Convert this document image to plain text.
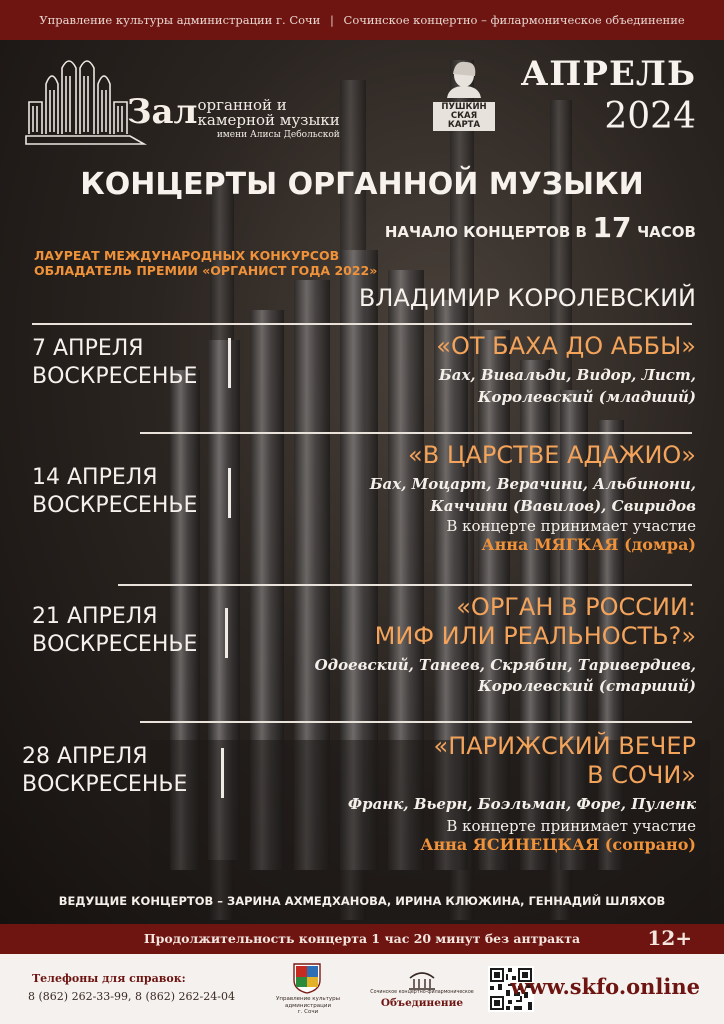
Управление культуры администрации г. Сочи | Сочинское концертно – филармоническое объединение
Залорганной и
камерной музыки

имени Алисы Дебольской
ПУШКИН
СКАЯ
КАРТА
АПРЕЛЬ
2024
КОНЦЕРТЫ ОРГАННОЙ МУЗЫКИ
НАЧАЛО КОНЦЕРТОВ В 17 ЧАСОВ
ЛАУРЕАТ МЕЖДУНАРОДНЫХ КОНКУРСОВ
ОБЛАДАТЕЛЬ ПРЕМИИ «ОРГАНИСТ ГОДА 2022»
ВЛАДИМИР КОРОЛЕВСКИЙ
7 АПРЕЛЯ
ВОСКРЕСЕНЬЕ
«ОТ БАХА ДО АББЫ»
Бах, Вивальди, Видор, Лист,
Королевский (младший)
14 АПРЕЛЯ
ВОСКРЕСЕНЬЕ
«В ЦАРСТВЕ АДАЖИО»
Бах, Моцарт, Верачини, Альбинони,
Каччини (Вавилов), Свиридов
В концерте принимает участие
Анна МЯГКАЯ (домра)
21 АПРЕЛЯ
ВОСКРЕСЕНЬЕ
«ОРГАН В РОССИИ:
МИФ ИЛИ РЕАЛЬНОСТЬ?»
Одоевский, Танеев, Скрябин, Таривердиев,
Королевский (старший)
28 АПРЕЛЯ
ВОСКРЕСЕНЬЕ
«ПАРИЖСКИЙ ВЕЧЕР
В СОЧИ»
Франк, Вьерн, Боэльман, Форе, Пуленк
В концерте принимает участие
Анна ЯСИНЕЦКАЯ (сопрано)
ВЕДУЩИЕ КОНЦЕРТОВ – ЗАРИНА АХМЕДХАНОВА, ИРИНА КЛЮЖИНА, ГЕННАДИЙ ШЛЯХОВ
Продолжительность концерта 1 час 20 минут без антракта	12+
Телефоны для справок:
8 (862) 262-33-99, 8 (862) 262-24-04	Управление культуры
администрации
г. Сочи
Сочинское концертно-филармоническое
Объединение
www.skfo.online
